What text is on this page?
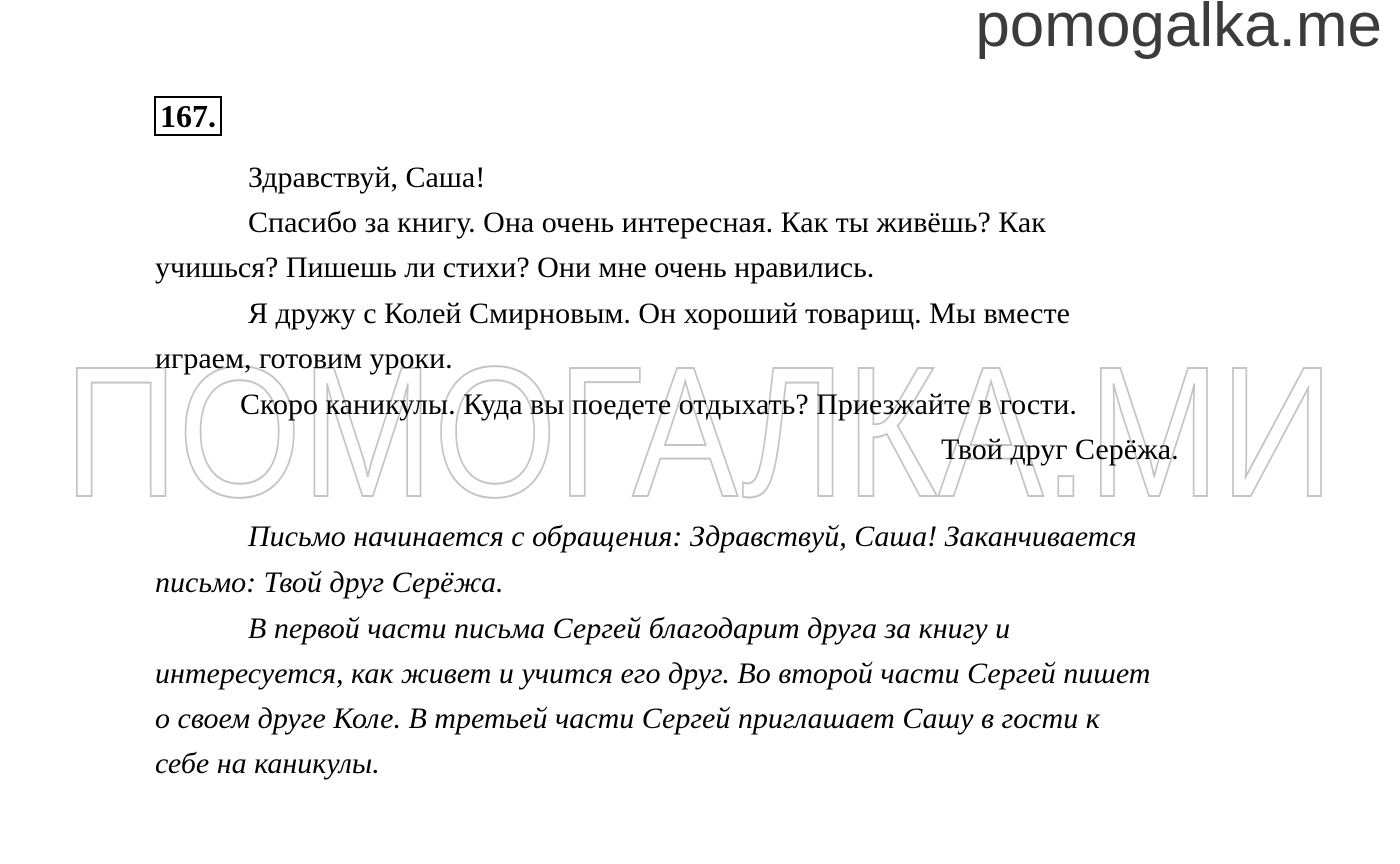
pomogalka.me
ПОМОГАЛКА.МИ
167.
Здравствуй, Саша!
Спасибо за книгу. Она очень интересная. Как ты живёшь? Как
учишься? Пишешь ли стихи? Они мне очень нравились.
Я дружу с Колей Смирновым. Он хороший товарищ. Мы вместе
играем, готовим уроки.
Скоро каникулы. Куда вы поедете отдыхать? Приезжайте в гости.
Твой друг Серёжа.
Письмо начинается с обращения: Здравствуй, Саша! Заканчивается
письмо: Твой друг Серёжа.
В первой части письма Сергей благодарит друга за книгу и
интересуется, как живет и учится его друг. Во второй части Сергей пишет
о своем друге Коле. В третьей части Сергей приглашает Сашу в гости к
себе на каникулы.
